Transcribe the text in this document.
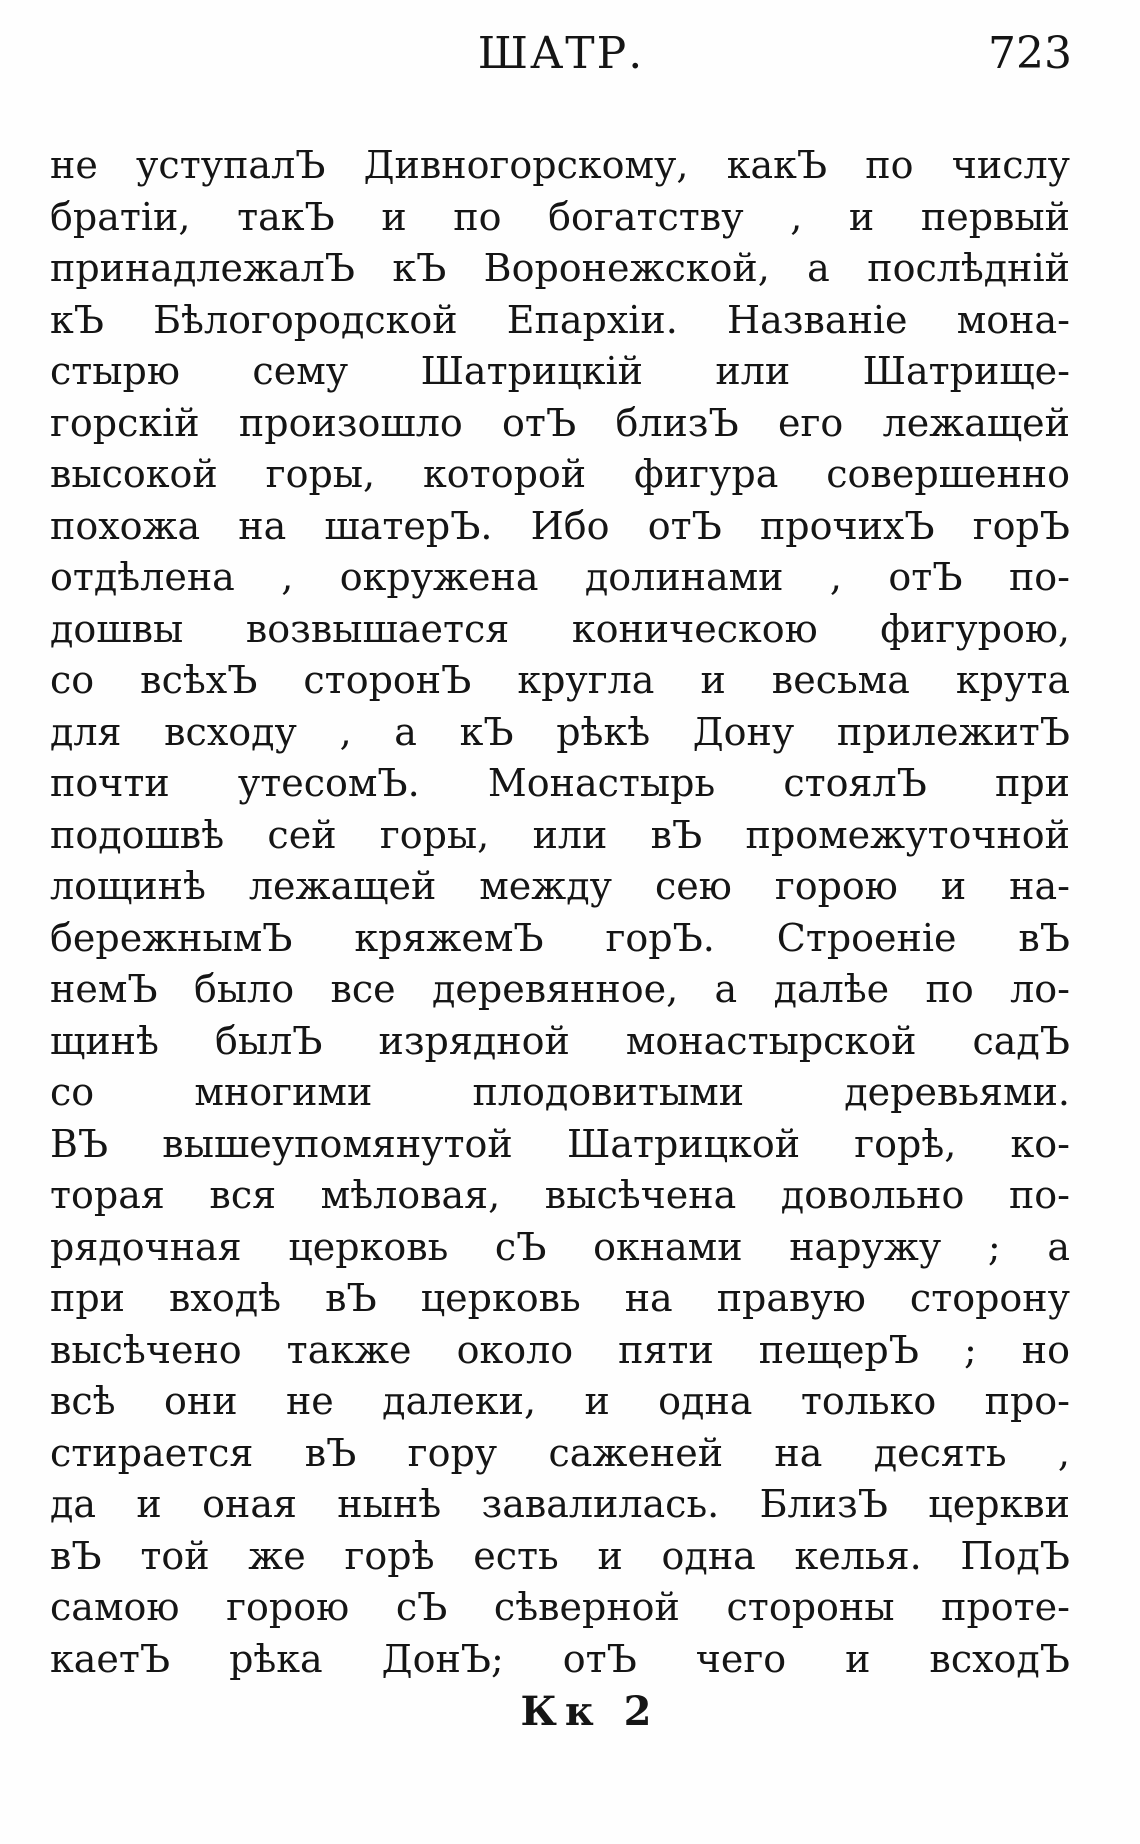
ШАТР.	723
не уступалЪ Дивногорскому, какЪ по числу
братіи, такЪ и по богатству , и первый
принадлежалЪ кЪ Воронежской, а послѣдній
кЪ Бѣлогородской Епархіи. Названіе мона-
стырю сему Шатрицкій или Шатрище-
горскій произошло отЪ близЪ его лежащей
высокой горы, которой фигура совершенно
похожа на шатерЪ. Ибо отЪ прочихЪ горЪ
отдѣлена , окружена долинами , отЪ по-
дошвы возвышается коническою фигурою,
со всѣхЪ сторонЪ кругла и весьма крута
для всходу , а кЪ рѣкѣ Дону прилежитЪ
почти утесомЪ. Монастырь стоялЪ при
подошвѣ сей горы, или вЪ промежуточной
лощинѣ лежащей между сею горою и на-
бережнымЪ кряжемЪ горЪ. Строеніе вЪ
немЪ было все деревянное, а далѣе по ло-
щинѣ былЪ изрядной монастырской садЪ
со многими плодовитыми деревьями.
ВЪ вышеупомянутой Шатрицкой горѣ, ко-
торая вся мѣловая, высѣчена довольно по-
рядочная церковь сЪ окнами наружу ; а
при входѣ вЪ церковь на правую сторону
высѣчено также около пяти пещерЪ ; но
всѣ они не далеки, и одна только про-
стирается вЪ гору саженей на десять ,
да и оная нынѣ завалилась. БлизЪ церкви
вЪ той же горѣ есть и одна келья. ПодЪ
самою горою сЪ сѣверной стороны проте-
каетЪ рѣка ДонЪ; отЪ чего и всходЪ
Кк 2
